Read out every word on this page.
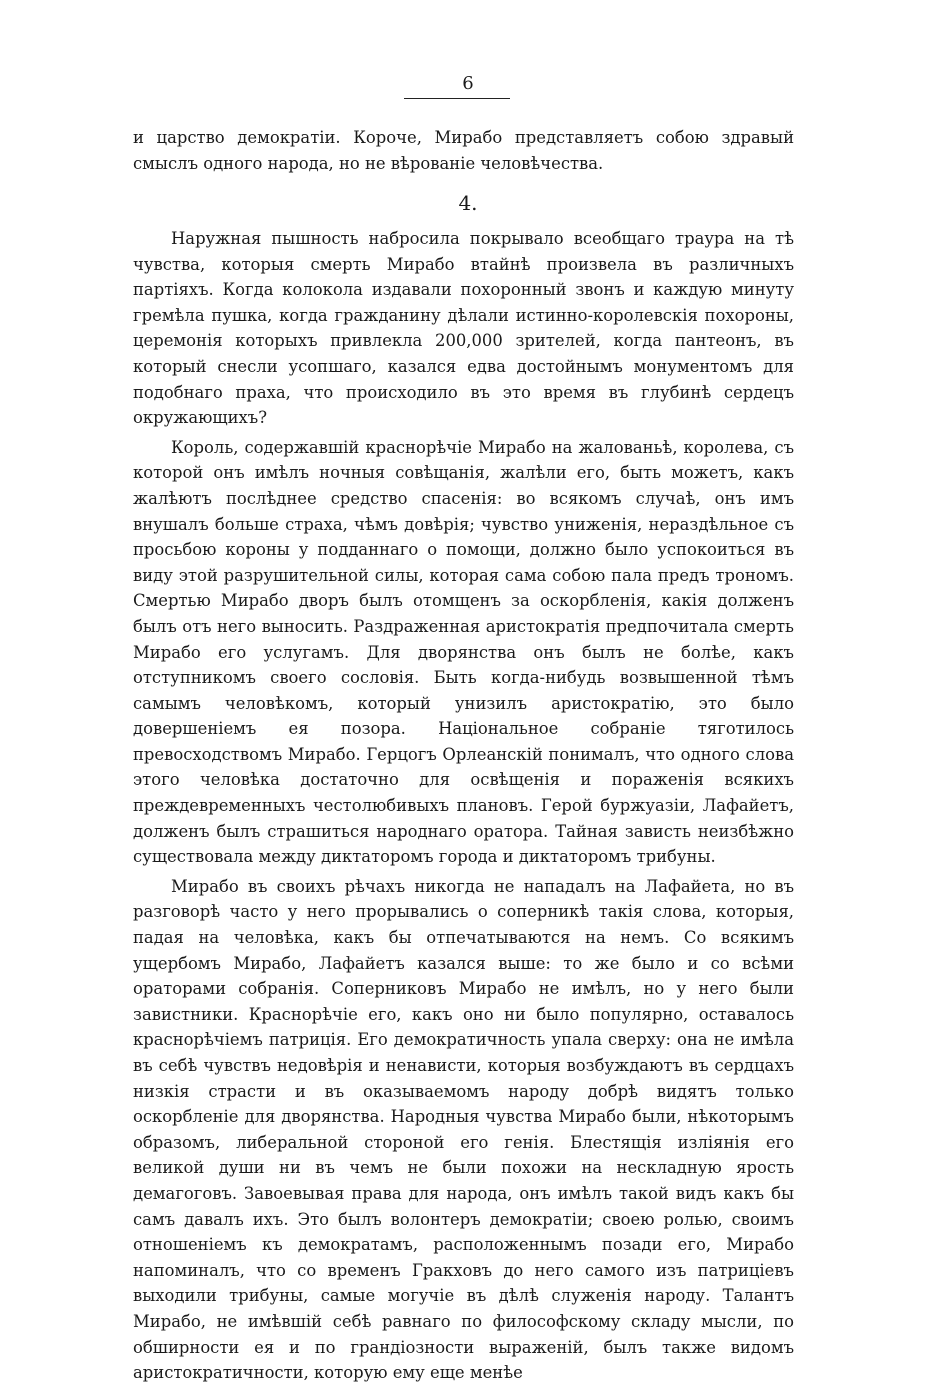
6

и царство демократіи. Короче, Мирабо представляетъ собою здравый смыслъ одного народа, но не вѣрованіе человѣчества.

4.

Наружная пышность набросила покрывало всеобщаго траура на тѣ чувства, которыя смерть Мирабо втайнѣ произвела въ различныхъ партіяхъ. Когда колокола издавали похоронный звонъ и каждую минуту гремѣла пушка, когда гражданину дѣлали истинно-королевскія похороны, церемонія которыхъ привлекла 200,000 зрителей, когда пантеонъ, въ который снесли усопшаго, казался едва достойнымъ монументомъ для подобнаго праха, что происходило въ это время въ глубинѣ сердецъ окружающихъ?

Король, содержавшій краснорѣчіе Мирабо на жалованьѣ, королева, съ которой онъ имѣлъ ночныя совѣщанія, жалѣли его, быть можетъ, какъ жалѣютъ послѣднее средство спасенія: во всякомъ случаѣ, онъ имъ внушалъ больше страха, чѣмъ довѣрія; чувство униженія, нераздѣльное съ просьбою короны у подданнаго о помощи, должно было успокоиться въ виду этой разрушительной силы, которая сама собою пала предъ трономъ. Смертью Мирабо дворъ былъ отомщенъ за оскорбленія, какія долженъ былъ отъ него выносить. Раздраженная аристократія предпочитала смерть Мирабо его услугамъ. Для дворянства онъ былъ не болѣе, какъ отступникомъ своего сословія. Быть когда-нибудь возвышенной тѣмъ самымъ человѣкомъ, который унизилъ аристократію, это было довершеніемъ ея позора. Національное собраніе тяготилось превосходствомъ Мирабо. Герцогъ Орлеанскій понималъ, что одного слова этого человѣка достаточно для освѣщенія и пораженія всякихъ преждевременныхъ честолюбивыхъ плановъ. Герой буржуазіи, Лафайетъ, долженъ былъ страшиться народнаго оратора. Тайная зависть неизбѣжно существовала между диктаторомъ города и диктаторомъ трибуны.

Мирабо въ своихъ рѣчахъ никогда не нападалъ на Лафайета, но въ разговорѣ часто у него прорывались о соперникѣ такія слова, которыя, падая на человѣка, какъ бы отпечатываются на немъ. Со всякимъ ущербомъ Мирабо, Лафайетъ казался выше: то же было и со всѣми ораторами собранія. Соперниковъ Мирабо не имѣлъ, но у него были завистники. Краснорѣчіе его, какъ оно ни было популярно, оставалось краснорѣчіемъ патриція. Его демократичность упала сверху: она не имѣла въ себѣ чувствъ недовѣрія и ненависти, которыя возбуждаютъ въ сердцахъ низкія страсти и въ оказываемомъ народу добрѣ видятъ только оскорбленіе для дворянства. Народныя чувства Мирабо были, нѣкоторымъ образомъ, либеральной стороной его генія. Блестящія изліянія его великой души ни въ чемъ не были похожи на нескладную ярость демагоговъ. Завоевывая права для народа, онъ имѣлъ такой видъ какъ бы самъ давалъ ихъ. Это былъ волонтеръ демократіи; своею ролью, своимъ отношеніемъ къ демократамъ, расположеннымъ позади его, Мирабо напоминалъ, что со временъ Гракховъ до него самого изъ патриціевъ выходили трибуны, самые могучіе въ дѣлѣ служенія народу. Талантъ Мирабо, не имѣвшій себѣ равнаго по философскому складу мысли, по обширности ея и по грандіозности выраженій, былъ также видомъ аристократичности, которую ему еще менѣе
